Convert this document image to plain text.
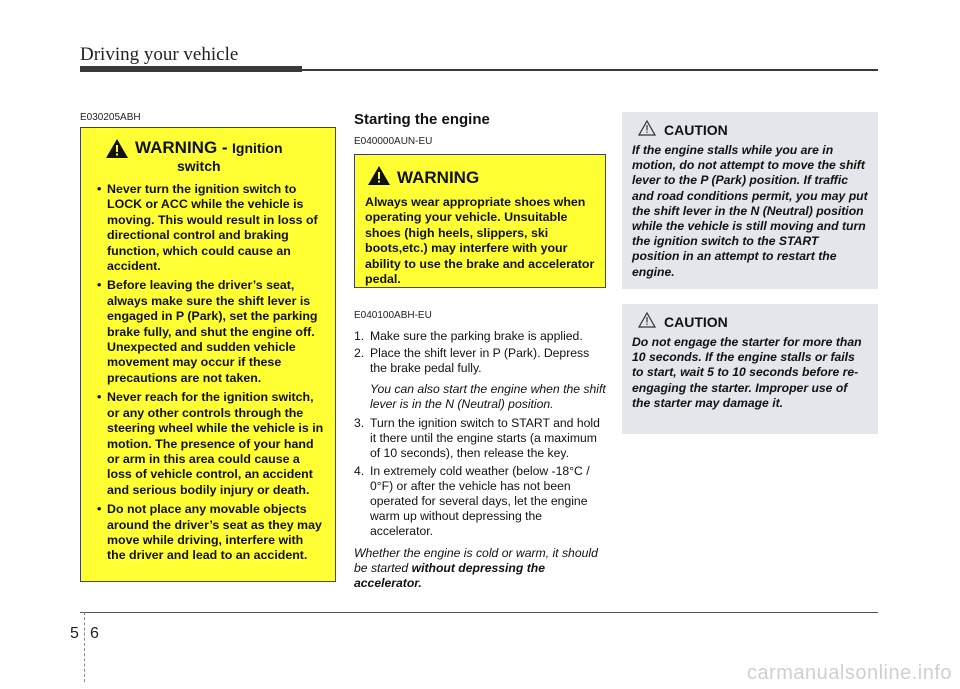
Driving your vehicle
E030205ABH
WARNING - Ignition
switch
• Never turn the ignition switch to LOCK or ACC while the vehicle is moving. This would result in loss of directional control and braking function, which could cause an accident.
• Before leaving the driver’s seat, always make sure the shift lever is engaged in P (Park), set the parking brake fully, and shut the engine off. Unexpected and sudden vehicle movement may occur if these precautions are not taken.
• Never reach for the ignition switch, or any other controls through the steering wheel while the vehicle is in motion. The presence of your hand or arm in this area could cause a loss of vehicle control, an accident and serious bodily injury or death.
• Do not place any movable objects around the driver’s seat as they may move while driving, interfere with the driver and lead to an accident.
Starting the engine
E040000AUN-EU
WARNING
Always wear appropriate shoes when operating your vehicle. Unsuitable shoes (high heels, slippers, ski boots,etc.) may interfere with your ability to use the brake and accelerator pedal.
E040100ABH-EU
1. Make sure the parking brake is applied.
2. Place the shift lever in P (Park). Depress the brake pedal fully.
You can also start the engine when the shift lever is in the N (Neutral) position.
3. Turn the ignition switch to START and hold it there until the engine starts (a maximum of 10 seconds), then release the key.
4. In extremely cold weather (below -18°C / 0°F) or after the vehicle has not been operated for several days, let the engine warm up without depressing the accelerator.
Whether the engine is cold or warm, it should be started without depressing the accelerator.
CAUTION
If the engine stalls while you are in motion, do not attempt to move the shift lever to the P (Park) position. If traffic and road conditions permit, you may put the shift lever in the N (Neutral) position while the vehicle is still moving and turn the ignition switch to the START position in an attempt to restart the engine.
CAUTION
Do not engage the starter for more than 10 seconds. If the engine stalls or fails to start, wait 5 to 10 seconds before re-engaging the starter. Improper use of the starter may damage it.
5 6
carmanualsonline.info
